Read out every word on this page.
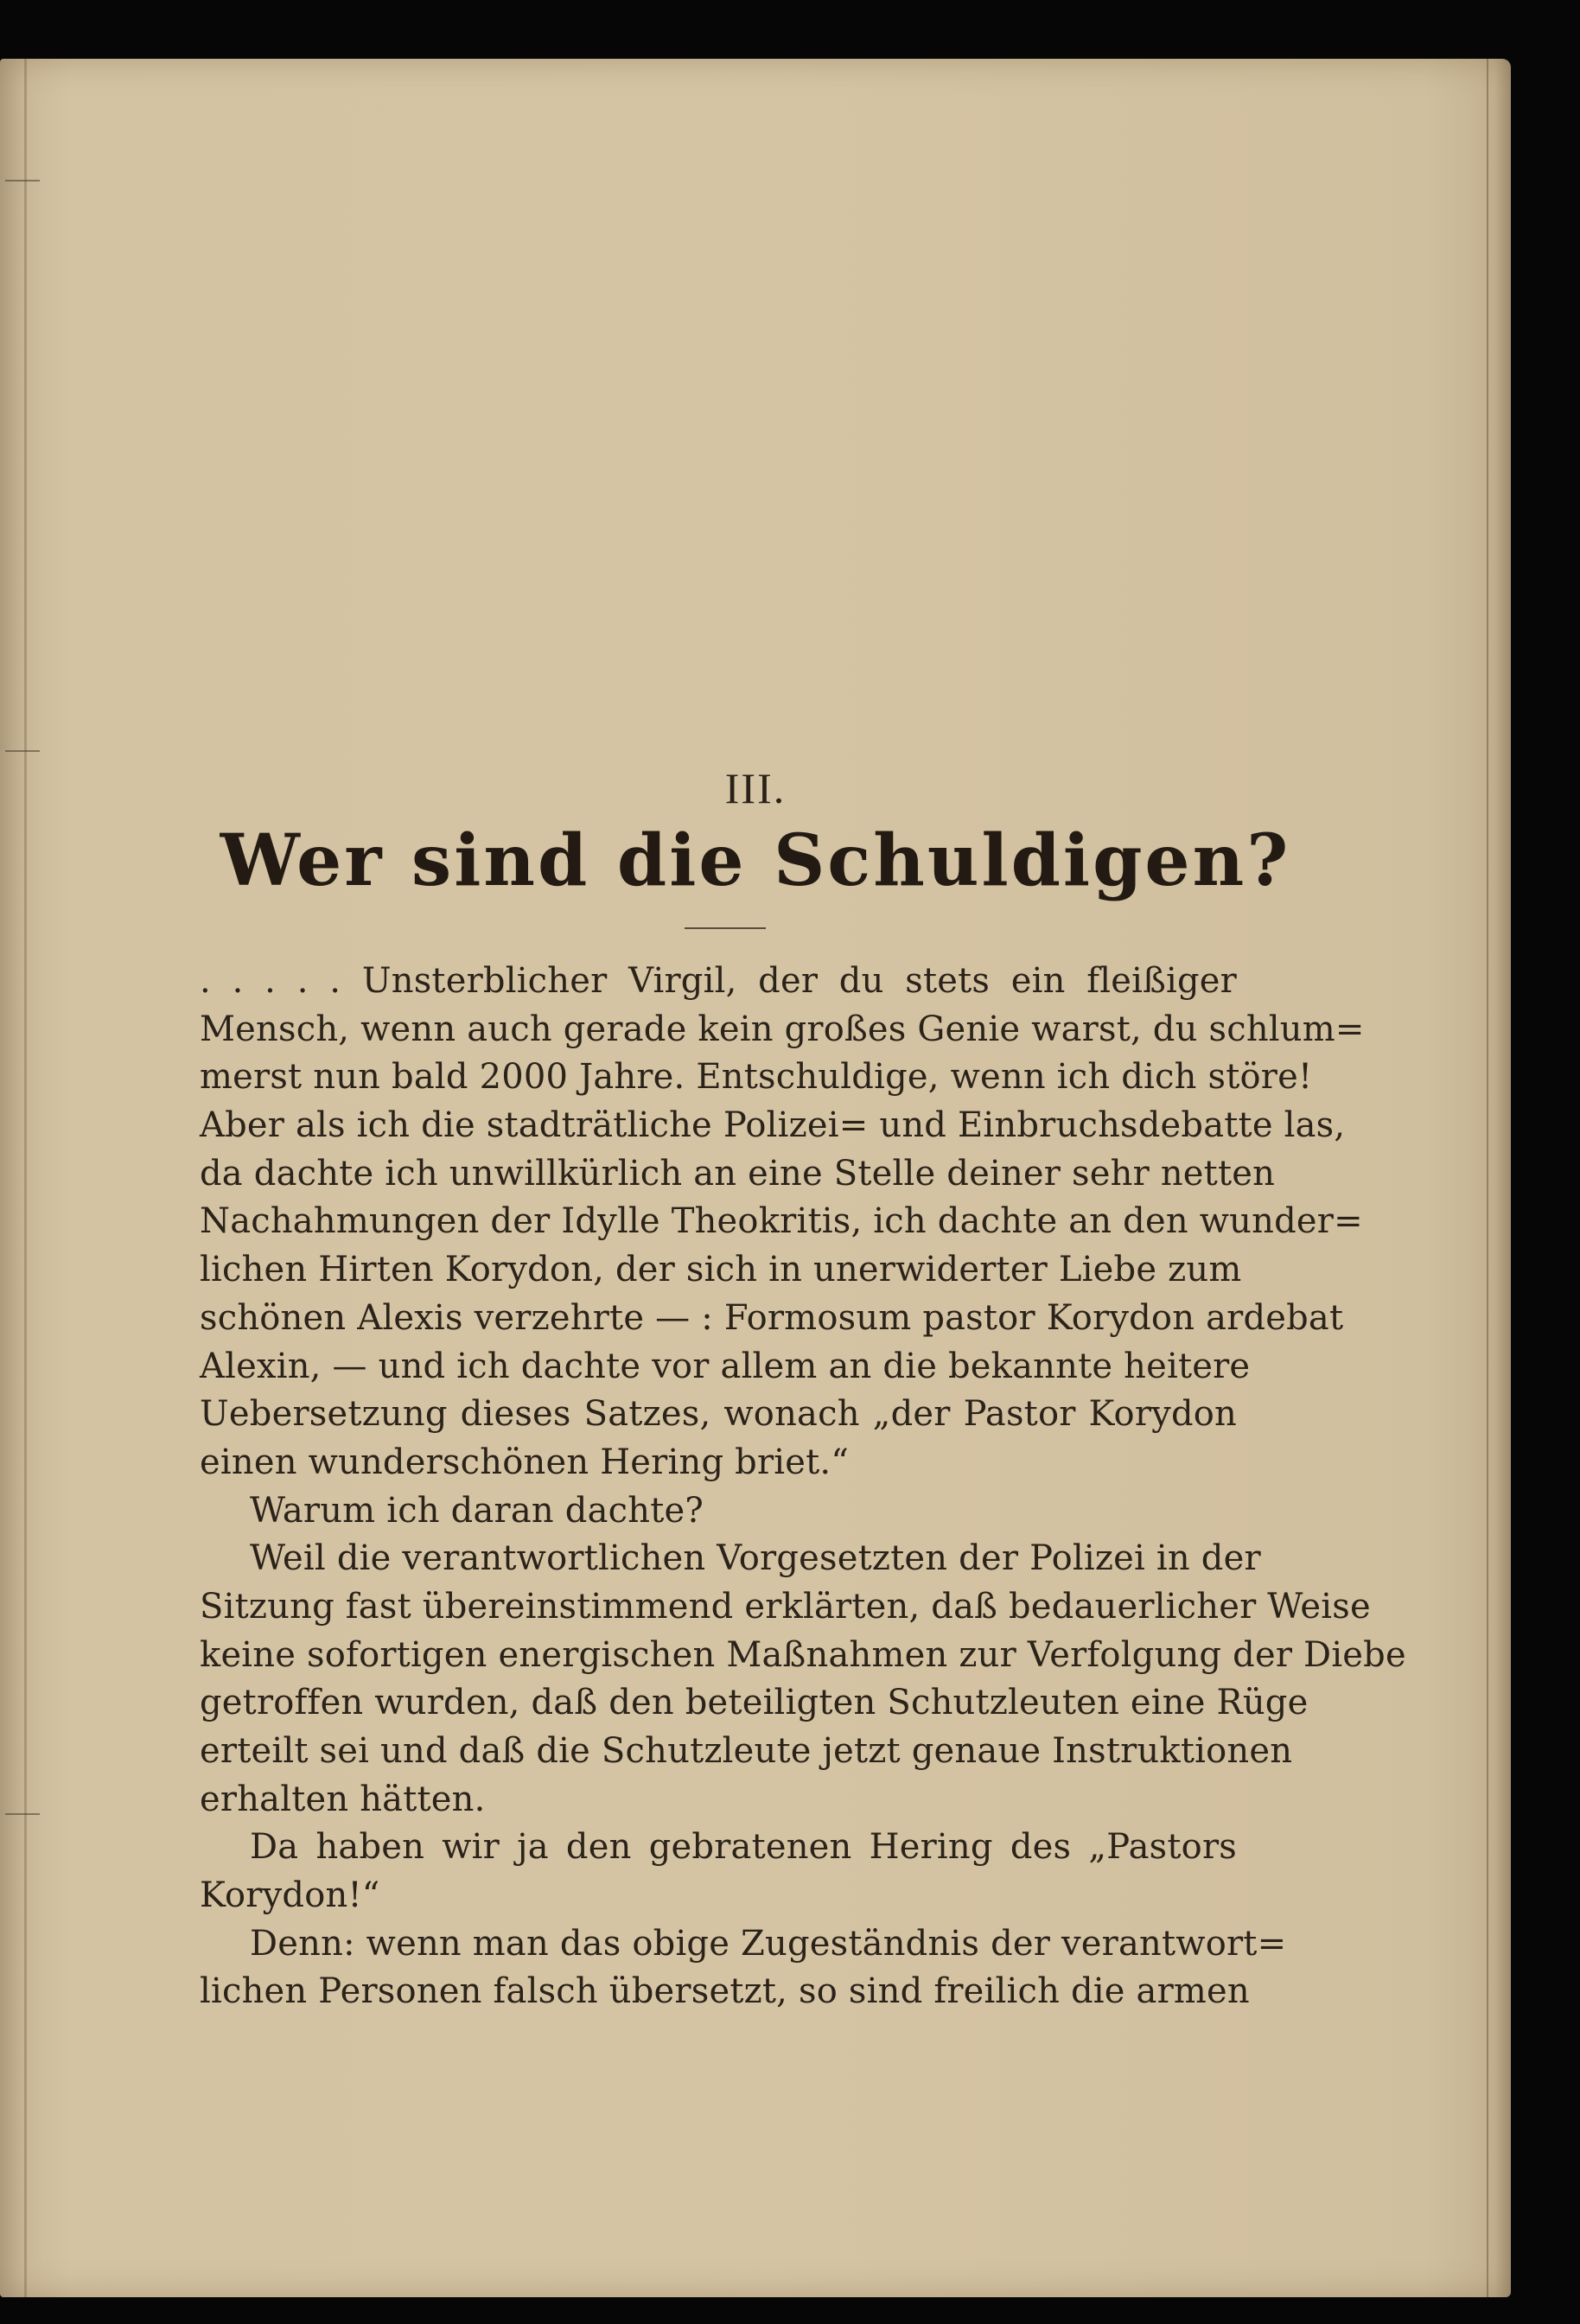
III.
Wer sind die Schuldigen?
. . . . . Unsterblicher Virgil, der du stets ein fleißiger
Mensch, wenn auch gerade kein großes Genie warst, du schlum=
merst nun bald 2000 Jahre. Entschuldige, wenn ich dich störe!
Aber als ich die stadträtliche Polizei= und Einbruchsdebatte las,
da dachte ich unwillkürlich an eine Stelle deiner sehr netten
Nachahmungen der Idylle Theokritis, ich dachte an den wunder=
lichen Hirten Korydon, der sich in unerwiderter Liebe zum
schönen Alexis verzehrte — : Formosum pastor Korydon ardebat
Alexin, — und ich dachte vor allem an die bekannte heitere
Uebersetzung dieses Satzes, wonach „der Pastor Korydon
einen wunderschönen Hering briet.“
Warum ich daran dachte?
Weil die verantwortlichen Vorgesetzten der Polizei in der
Sitzung fast übereinstimmend erklärten, daß bedauerlicher Weise
keine sofortigen energischen Maßnahmen zur Verfolgung der Diebe
getroffen wurden, daß den beteiligten Schutzleuten eine Rüge
erteilt sei und daß die Schutzleute jetzt genaue Instruktionen
erhalten hätten.
Da haben wir ja den gebratenen Hering des „Pastors
Korydon!“
Denn: wenn man das obige Zugeständnis der verantwort=
lichen Personen falsch übersetzt, so sind freilich die armen
